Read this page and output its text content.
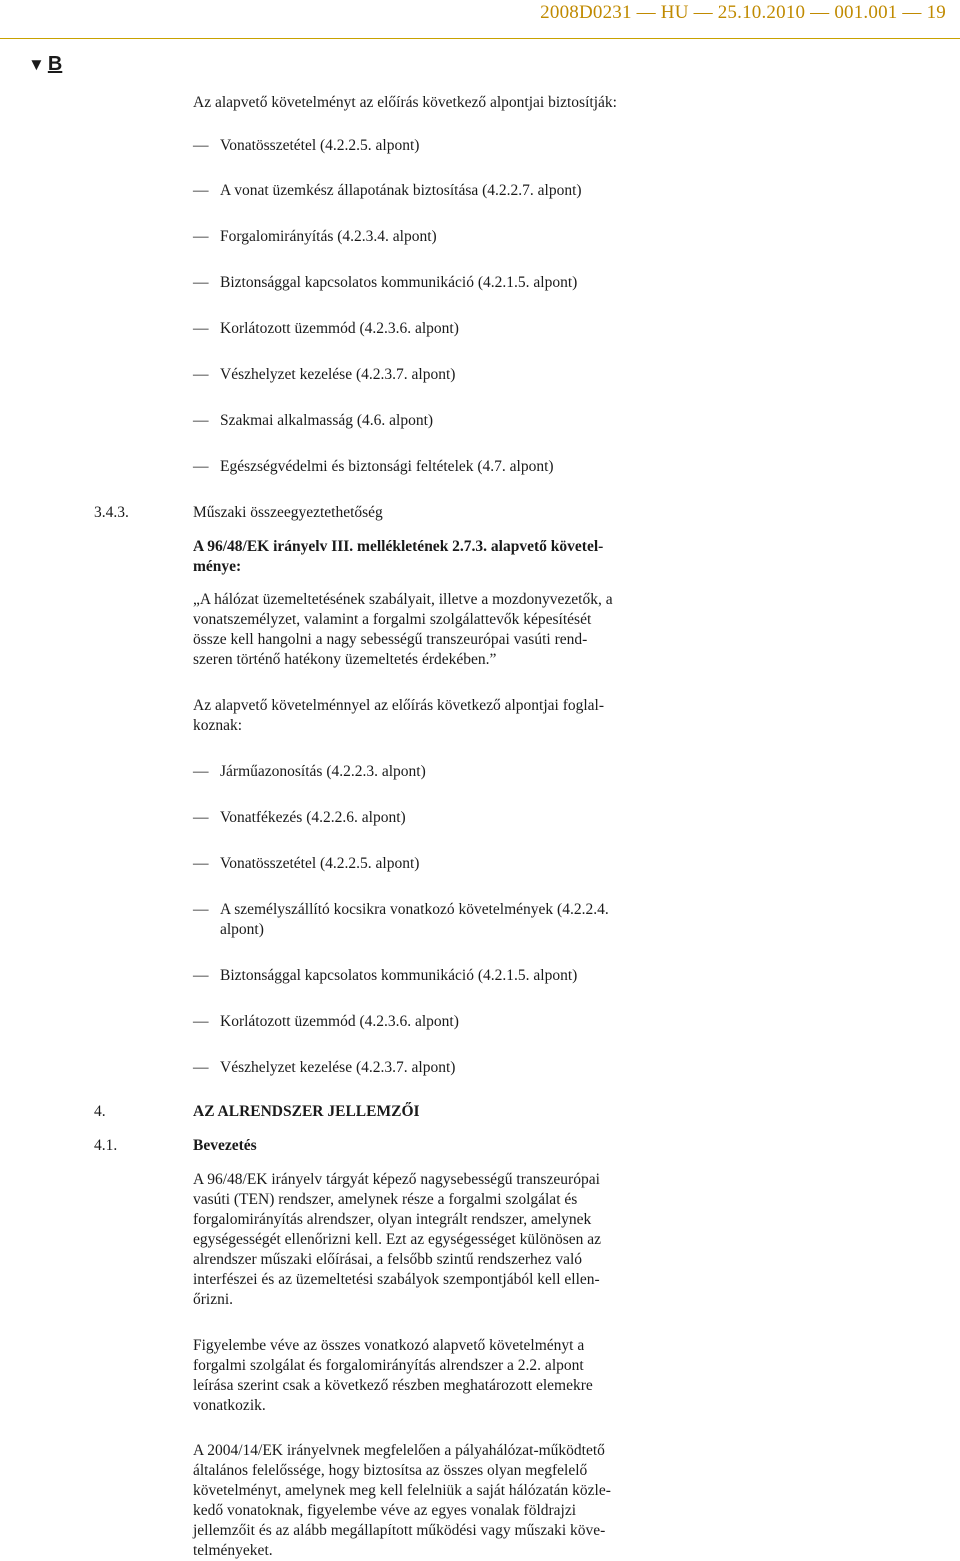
2008D0231 — HU — 25.10.2010 — 001.001 — 19
▼ B
Az alapvető követelményt az előírás következő alpontjai biztosítják:
— Vonatösszetétel (4.2.2.5. alpont)
— A vonat üzemkész állapotának biztosítása (4.2.2.7. alpont)
— Forgalomirányítás (4.2.3.4. alpont)
— Biztonsággal kapcsolatos kommunikáció (4.2.1.5. alpont)
— Korlátozott üzemmód (4.2.3.6. alpont)
— Vészhelyzet kezelése (4.2.3.7. alpont)
— Szakmai alkalmasság (4.6. alpont)
— Egészségvédelmi és biztonsági feltételek (4.7. alpont)
3.4.3.	Műszaki összeegyeztethetőség
A 96/48/EK irányelv III. mellékletének 2.7.3. alapvető követel-
ménye:
„A hálózat üzemeltetésének szabályait, illetve a mozdonyvezetők, a
vonatszemélyzet, valamint a forgalmi szolgálattevők képesítését
össze kell hangolni a nagy sebességű transzeurópai vasúti rend-
szeren történő hatékony üzemeltetés érdekében.”
Az alapvető követelménnyel az előírás következő alpontjai foglal-
koznak:
— Járműazonosítás (4.2.2.3. alpont)
— Vonatfékezés (4.2.2.6. alpont)
— Vonatösszetétel (4.2.2.5. alpont)
— A személyszállító kocsikra vonatkozó követelmények (4.2.2.4.
alpont)
— Biztonsággal kapcsolatos kommunikáció (4.2.1.5. alpont)
— Korlátozott üzemmód (4.2.3.6. alpont)
— Vészhelyzet kezelése (4.2.3.7. alpont)
4.	AZ ALRENDSZER JELLEMZŐI
4.1.	Bevezetés
A 96/48/EK irányelv tárgyát képező nagysebességű transzeurópai
vasúti (TEN) rendszer, amelynek része a forgalmi szolgálat és
forgalomirányítás alrendszer, olyan integrált rendszer, amelynek
egységességét ellenőrizni kell. Ezt az egységességet különösen az
alrendszer műszaki előírásai, a felsőbb szintű rendszerhez való
interfészei és az üzemeltetési szabályok szempontjából kell ellen-
őrizni.
Figyelembe véve az összes vonatkozó alapvető követelményt a
forgalmi szolgálat és forgalomirányítás alrendszer a 2.2. alpont
leírása szerint csak a következő részben meghatározott elemekre
vonatkozik.
A 2004/14/EK irányelvnek megfelelően a pályahálózat-működtető
általános felelőssége, hogy biztosítsa az összes olyan megfelelő
követelményt, amelynek meg kell felelniük a saját hálózatán közle-
kedő vonatoknak, figyelembe véve az egyes vonalak földrajzi
jellemzőit és az alább megállapított működési vagy műszaki köve-
telményeket.
